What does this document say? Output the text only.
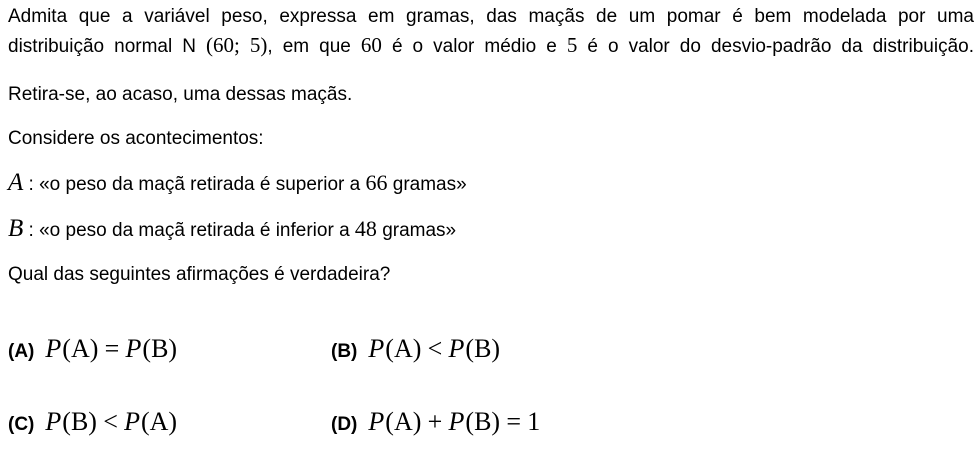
Admita que a variável peso, expressa em gramas, das maçãs de um pomar é bem modelada por uma
distribuição normal N (60; 5), em que 60 é o valor médio e 5 é o valor do desvio-padrão da distribuição.
Retira-se, ao acaso, uma dessas maçãs.
Considere os acontecimentos:
A : «o peso da maçã retirada é superior a 66 gramas»
B : «o peso da maçã retirada é inferior a 48 gramas»
Qual das seguintes afirmações é verdadeira?
(A) P(A) = P(B)	(B) P(A) < P(B)
(C) P(B) < P(A)	(D) P(A) + P(B) = 1
